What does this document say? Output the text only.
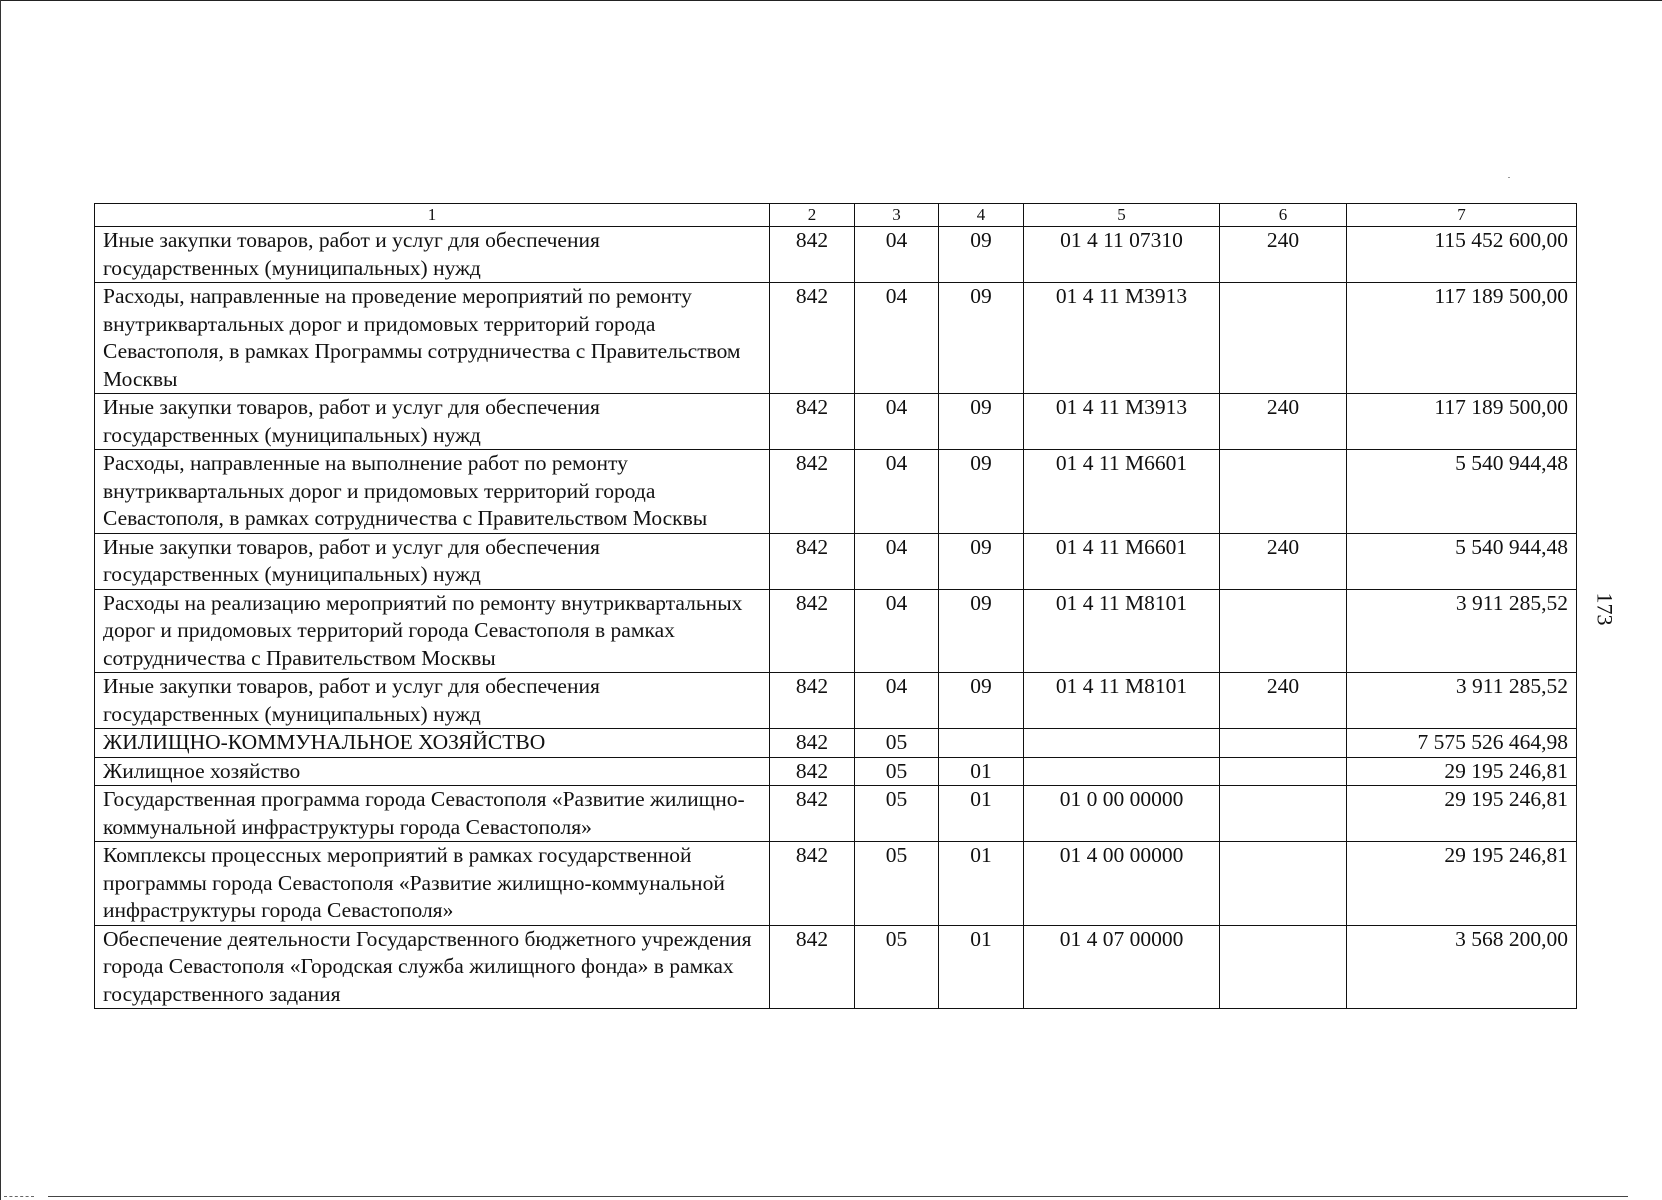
173
1	2	3	4	5	6	7
Иные закупки товаров, работ и услуг для обеспечения государственных (муниципальных) нужд	842	04	09	01 4 11 07310	240	115 452 600,00
Расходы, направленные на проведение мероприятий по ремонту внутриквартальных дорог и придомовых территорий города Севастополя, в рамках Программы сотрудничества с Правительством Москвы	842	04	09	01 4 11 M3913		117 189 500,00
Иные закупки товаров, работ и услуг для обеспечения государственных (муниципальных) нужд	842	04	09	01 4 11 M3913	240	117 189 500,00
Расходы, направленные на выполнение работ по ремонту внутриквартальных дорог и придомовых территорий города Севастополя, в рамках сотрудничества с Правительством Москвы	842	04	09	01 4 11 M6601		5 540 944,48
Иные закупки товаров, работ и услуг для обеспечения государственных (муниципальных) нужд	842	04	09	01 4 11 M6601	240	5 540 944,48
Расходы на реализацию мероприятий по ремонту внутриквартальных дорог и придомовых территорий города Севастополя в рамках сотрудничества с Правительством Москвы	842	04	09	01 4 11 M8101		3 911 285,52
Иные закупки товаров, работ и услуг для обеспечения государственных (муниципальных) нужд	842	04	09	01 4 11 M8101	240	3 911 285,52
ЖИЛИЩНО-КОММУНАЛЬНОЕ ХОЗЯЙСТВО	842	05				7 575 526 464,98
Жилищное хозяйство	842	05	01			29 195 246,81
Государственная программа города Севастополя «Развитие жилищно-коммунальной инфраструктуры города Севастополя»	842	05	01	01 0 00 00000		29 195 246,81
Комплексы процессных мероприятий в рамках государственной программы города Севастополя «Развитие жилищно-коммунальной инфраструктуры города Севастополя»	842	05	01	01 4 00 00000		29 195 246,81
Обеспечение деятельности Государственного бюджетного учреждения города Севастополя «Городская служба жилищного фонда» в рамках государственного задания	842	05	01	01 4 07 00000		3 568 200,00
